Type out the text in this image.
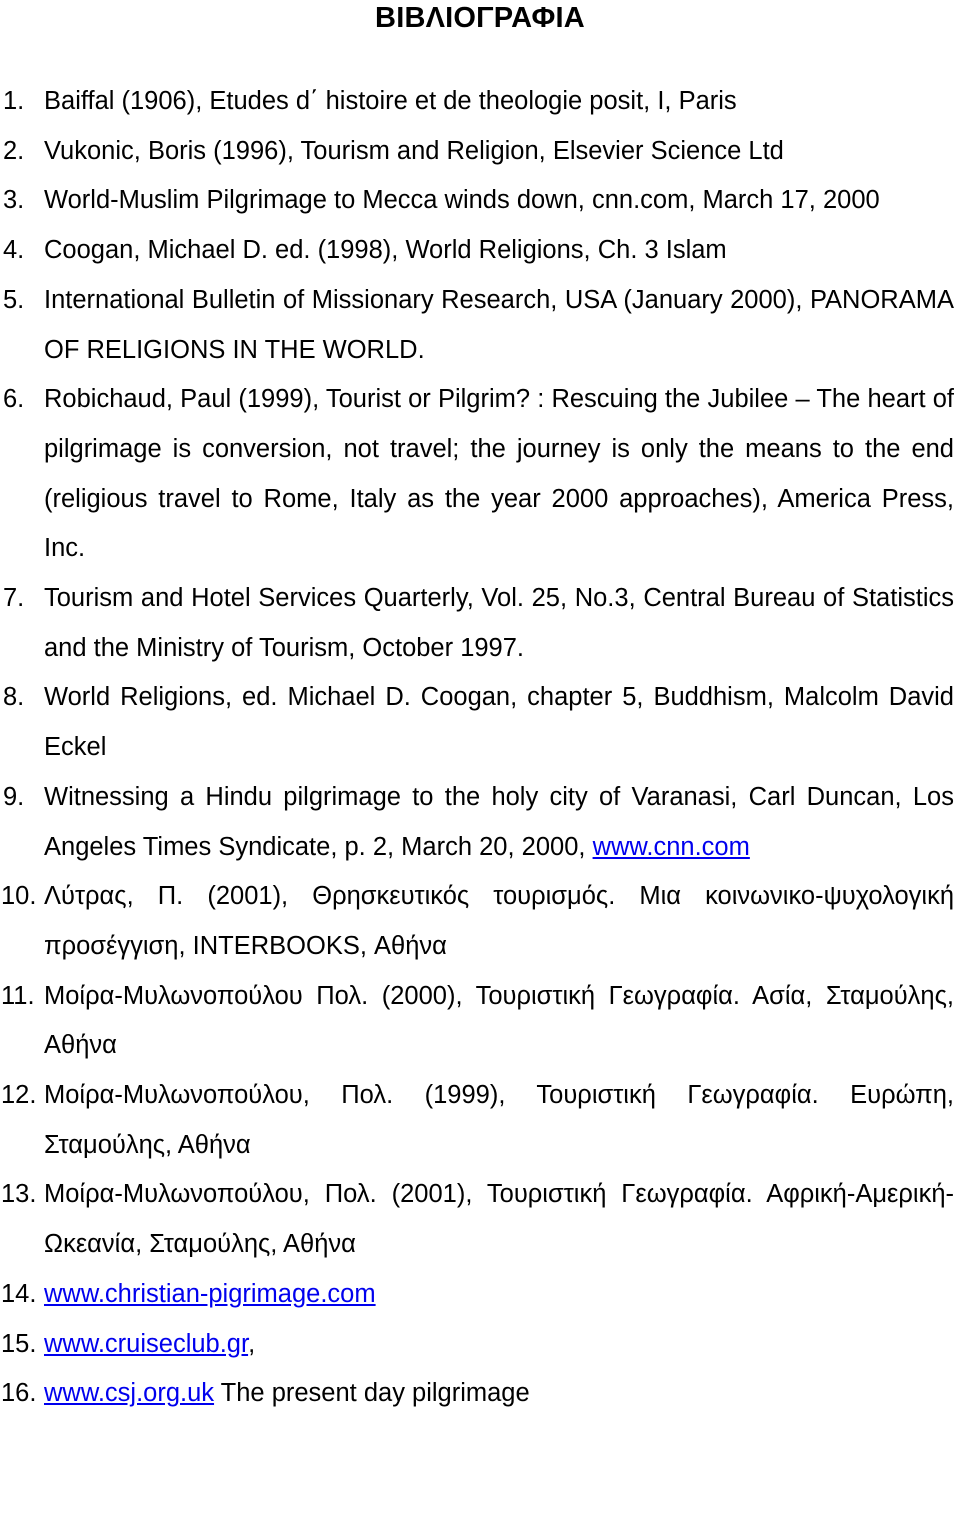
ΒΙΒΛΙΟΓΡΑΦΙΑ
1. Baiffal (1906), Etudes d΄ histoire et de theologie posit, I, Paris
2. Vukonic, Boris (1996), Tourism and Religion, Elsevier Science Ltd
3. World-Muslim Pilgrimage to Mecca winds down, cnn.com, March 17, 2000
4. Coogan, Michael D. ed. (1998), World Religions, Ch. 3 Islam
5. International Bulletin of Missionary Research, USA (January 2000), PANORAMA OF RELIGIONS IN THE WORLD.
6. Robichaud, Paul (1999), Tourist or Pilgrim? : Rescuing the Jubilee – The heart of pilgrimage is conversion, not travel; the journey is only the means to the end (religious travel to Rome, Italy as the year 2000 approaches), America Press, Inc.
7. Tourism and Hotel Services Quarterly, Vol. 25, No.3, Central Bureau of Statistics and the Ministry of Tourism, October 1997.
8. World Religions, ed. Michael D. Coogan, chapter 5, Buddhism, Malcolm David Eckel
9. Witnessing a Hindu pilgrimage to the holy city of Varanasi, Carl Duncan, Los Angeles Times Syndicate, p. 2, March 20, 2000, www.cnn.com
10. Λύτρας, Π. (2001), Θρησκευτικός τουρισμός. Μια κοινωνικο-ψυχολογική προσέγγιση, INTERBOOKS, Αθήνα
11. Μοίρα-Μυλωνοπούλου Πολ. (2000), Τουριστική Γεωγραφία. Ασία, Σταμούλης, Αθήνα
12. Μοίρα-Μυλωνοπούλου, Πολ. (1999), Τουριστική Γεωγραφία. Ευρώπη, Σταμούλης, Αθήνα
13. Μοίρα-Μυλωνοπούλου, Πολ. (2001), Τουριστική Γεωγραφία. Αφρική-Αμερική-Ωκεανία, Σταμούλης, Αθήνα
14. www.christian-pigrimage.com
15. www.cruiseclub.gr,
16. www.csj.org.uk The present day pilgrimage
